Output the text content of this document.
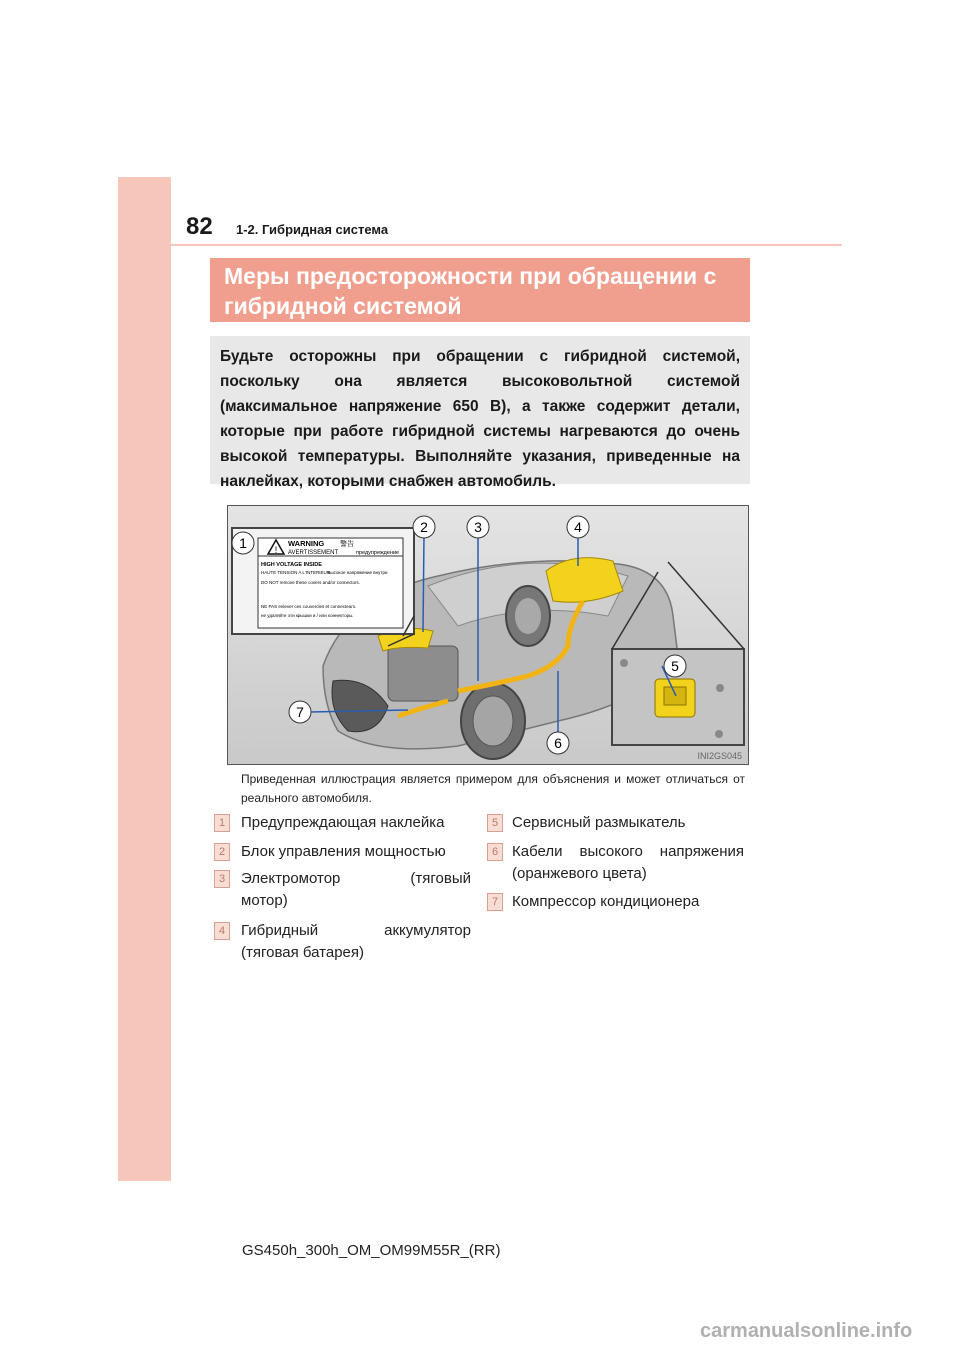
82 1-2. Гибридная система
Меры предосторожности при обращении с
гибридной системой
Будьте осторожны при обращении с гибридной системой, поскольку она является высоковольтной системой (максимальное напряжение 650 В), а также содержит детали, которые при работе гибридной системы нагреваются до очень высокой температуры. Выполняйте указания, приведенные на наклейках, которыми снабжен автомобиль.
!
WARNING 警告
AVERTISSEMENT	предупреждение
HIGH VOLTAGE INSIDE
HAUTE TENSION A L'INTERIEUR
высокое напряжение внутри
DO NOT remove these covers and/or connectors.
NE PAS enlever ces couvercles et connecteurs.
не удаляйте эти крышки и / или коннекторы.
1
2	3	4
5
6
7
INI2GS045
Приведенная иллюстрация является примером для объяснения и может отличаться от реального автомобиля.
1	Предупреждающая наклейка
2	Блок управления мощностью
3	Электромотор (тяговый
мотор)
4	Гибридный аккумулятор
(тяговая батарея)
5 Сервисный размыкатель
6 Кабели высокого напряжения
(оранжевого цвета)
7 Компрессор кондиционера
GS450h_300h_OM_OM99M55R_(RR)
carmanualsonline.info
